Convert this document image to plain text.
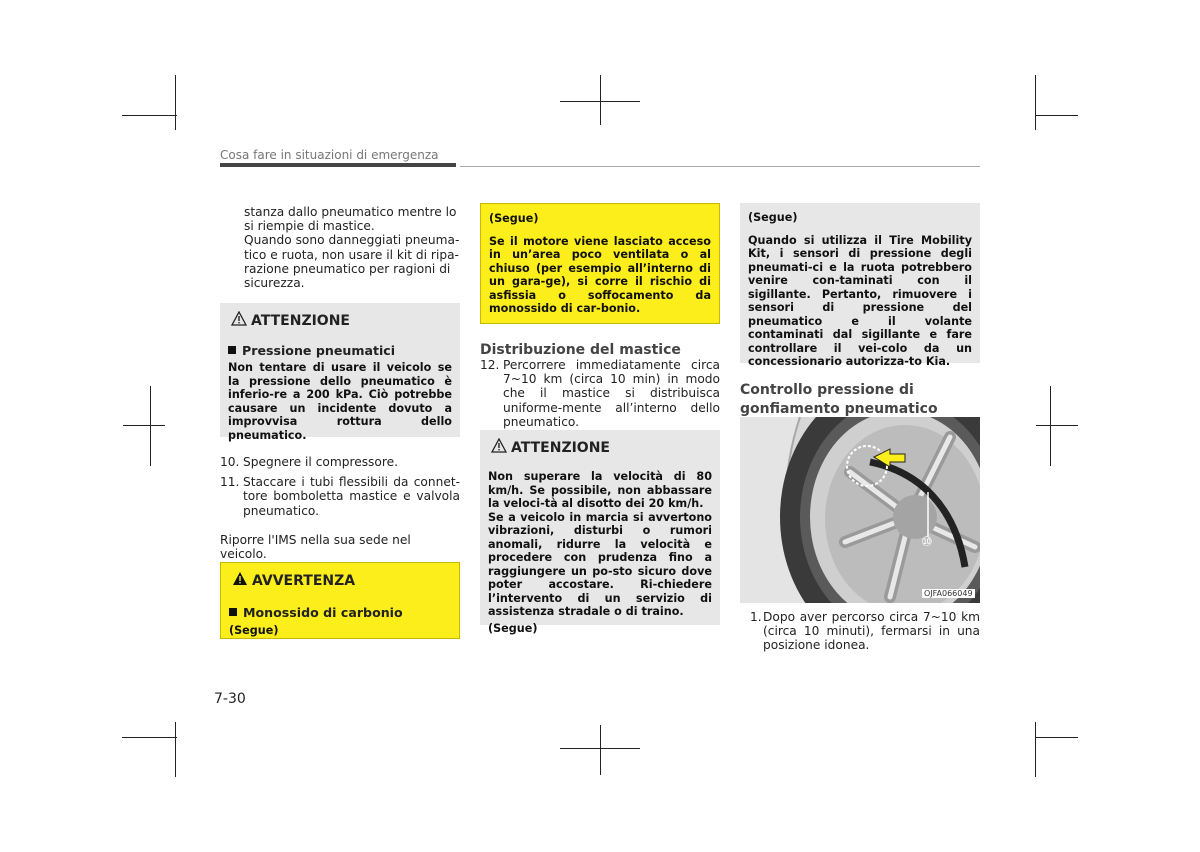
Cosa fare in situazioni di emergenza
stanza dallo pneumatico mentre lo
si riempie di mastice.
Quando sono danneggiati pneuma-
tico e ruota, non usare il kit di ripa-
razione pneumatico per ragioni di
sicurezza.
ATTENZIONE
Pressione pneumatici
Non tentare di usare il veicolo se la pressione dello pneumatico è inferio-re a 200 kPa. Ciò potrebbe causare un incidente dovuto a improvvisa rottura dello pneumatico.
10. Spegnere il compressore.
11. Staccare i tubi flessibili da connet-tore bomboletta mastice e valvola pneumatico.
Riporre l'IMS nella sua sede nel veicolo.
AVVERTENZA
Monossido di carbonio
(Segue)
(Segue)
Se il motore viene lasciato acceso in un’area poco ventilata o al chiuso (per esempio all’interno di un gara-ge), si corre il rischio di asfissia o soffocamento da monossido di car-bonio.
Distribuzione del mastice
12. Percorrere immediatamente circa 7~10 km (circa 10 min) in modo che il mastice si distribuisca uniforme-mente all’interno dello pneumatico.
ATTENZIONE
Non superare la velocità di 80 km/h. Se possibile, non abbassare la veloci-tà al disotto dei 20 km/h.
Se a veicolo in marcia si avvertono vibrazioni, disturbi o rumori anomali, ridurre la velocità e procedere con prudenza fino a raggiungere un po-sto sicuro dove poter accostare. Ri-chiedere l’intervento di un servizio di assistenza stradale o di traino.
(Segue)
(Segue)
Quando si utilizza il Tire Mobility Kit, i sensori di pressione degli pneumati-ci e la ruota potrebbero venire con-taminati con il sigillante. Pertanto, rimuovere i sensori di pressione del pneumatico e il volante contaminati dal sigillante e fare controllare il vei-colo da un concessionario autorizza-to Kia.
Controllo pressione di
gonfiamento pneumatico
⑩
OJFA066049
1. Dopo aver percorso circa 7~10 km (circa 10 minuti), fermarsi in una posizione idonea.
7-30
